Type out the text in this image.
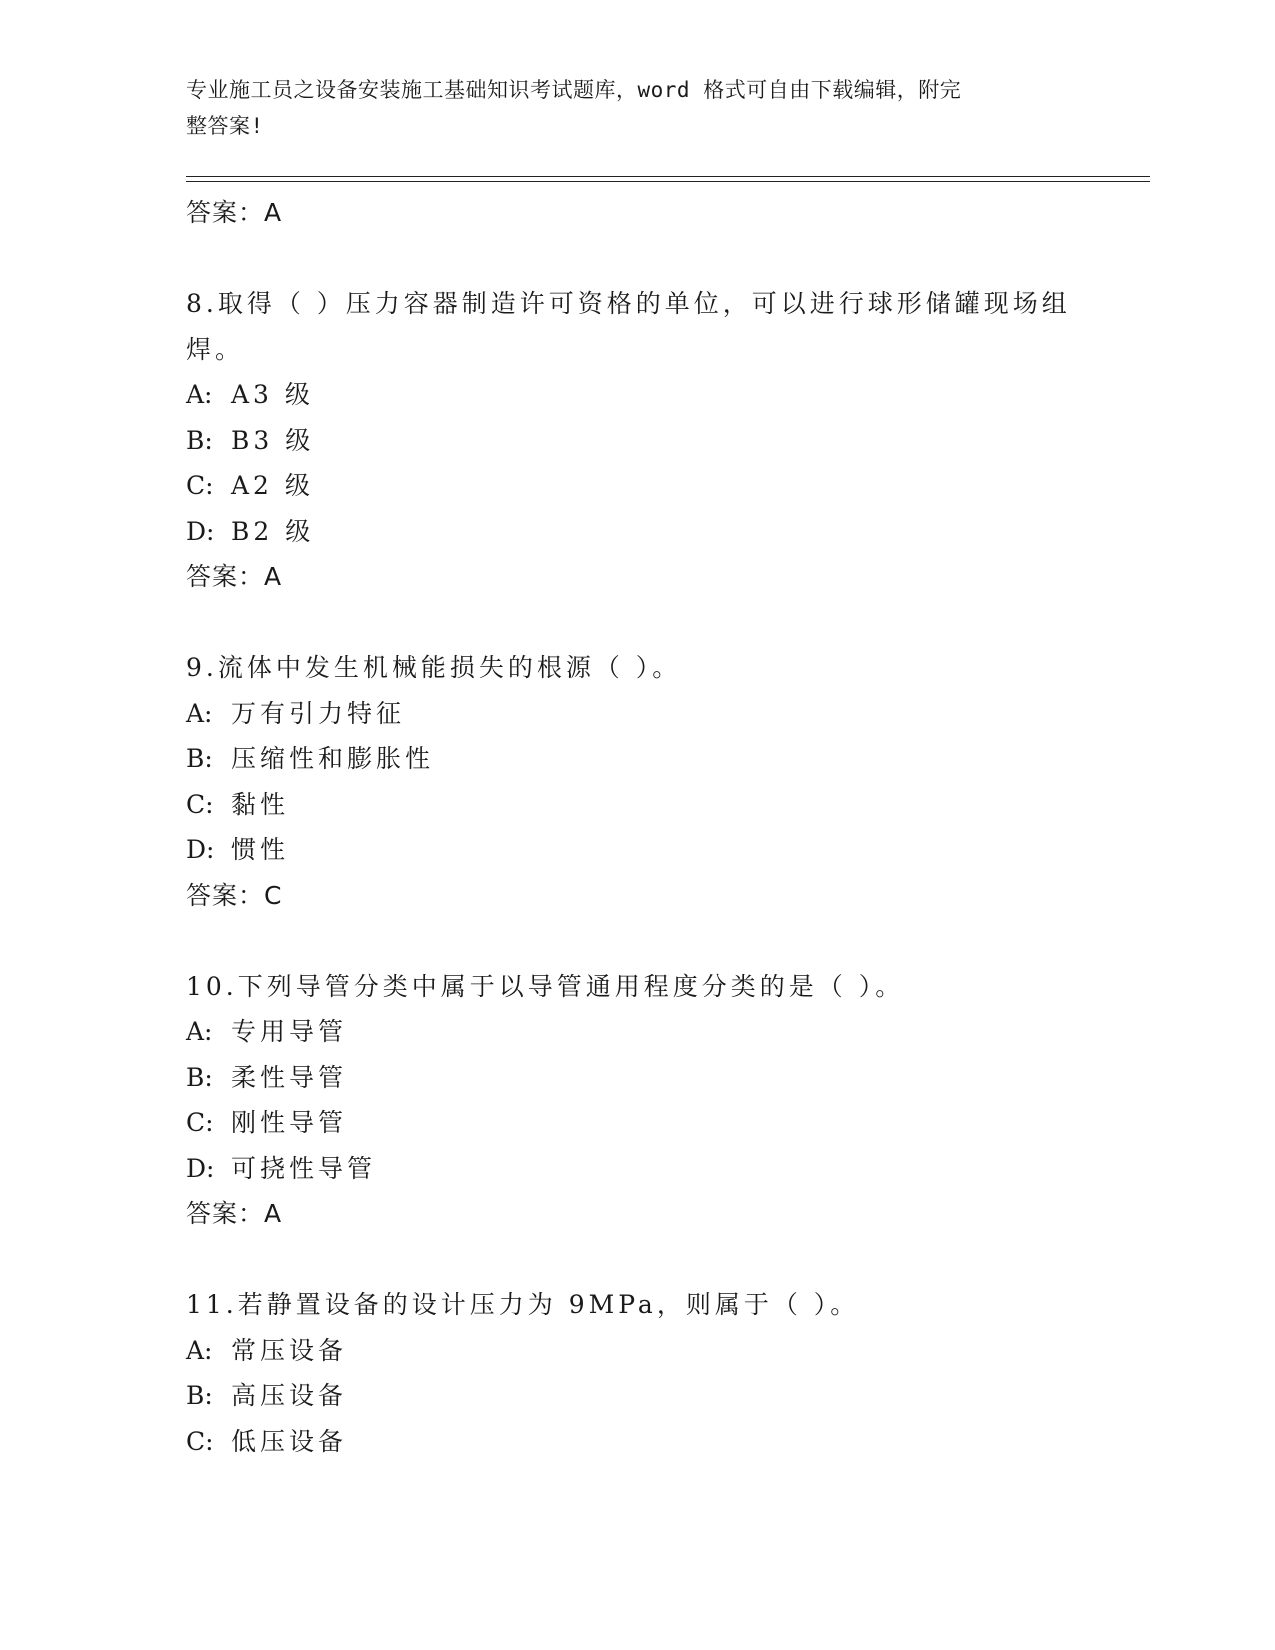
专业施工员之设备安装施工基础知识考试题库，word 格式可自由下载编辑，附完
整答案!
答案：A
8.取得（ ）压力容器制造许可资格的单位，可以进行球形储罐现场组
焊。
A: A3 级
B: B3 级
C: A2 级
D: B2 级
答案：A
9.流体中发生机械能损失的根源（ ）。
A: 万有引力特征
B: 压缩性和膨胀性
C: 黏性
D: 惯性
答案：C
10.下列导管分类中属于以导管通用程度分类的是（ ）。
A: 专用导管
B: 柔性导管
C: 刚性导管
D: 可挠性导管
答案：A
11.若静置设备的设计压力为 9MPa，则属于（ ）。
A: 常压设备
B: 高压设备
C: 低压设备
